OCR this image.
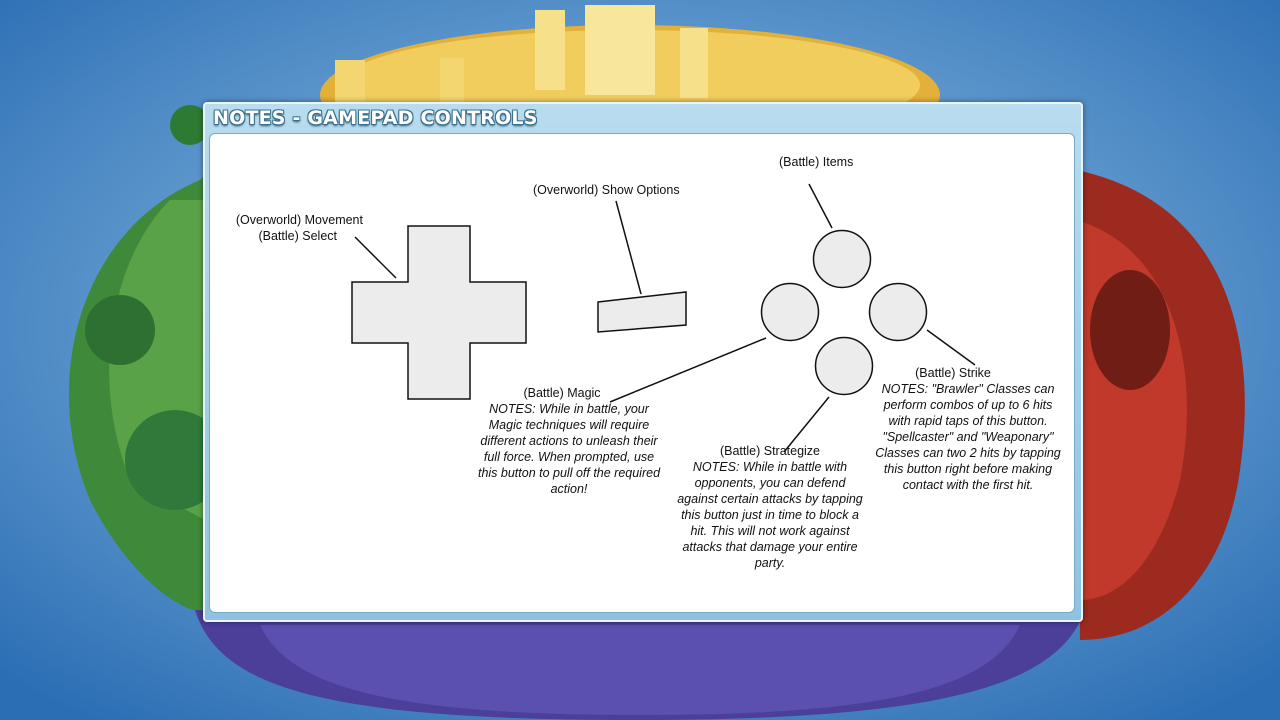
NOTES - GAMEPAD CONTROLS
(Overworld) Movement
(Battle) Select
(Overworld) Show Options
(Battle) Items
(Battle) Magic
NOTES: While in battle, your Magic techniques will require different actions to unleash their full force. When prompted, use this button to pull off the required action!
(Battle) Strategize
NOTES: While in battle with opponents, you can defend against certain attacks by tapping this button just in time to block a hit. This will not work against attacks that damage your entire party.
(Battle) Strike
NOTES: "Brawler" Classes can perform combos of up to 6 hits with rapid taps of this button. "Spellcaster" and "Weaponary" Classes can two 2 hits by tapping this button right before making contact with the first hit.
